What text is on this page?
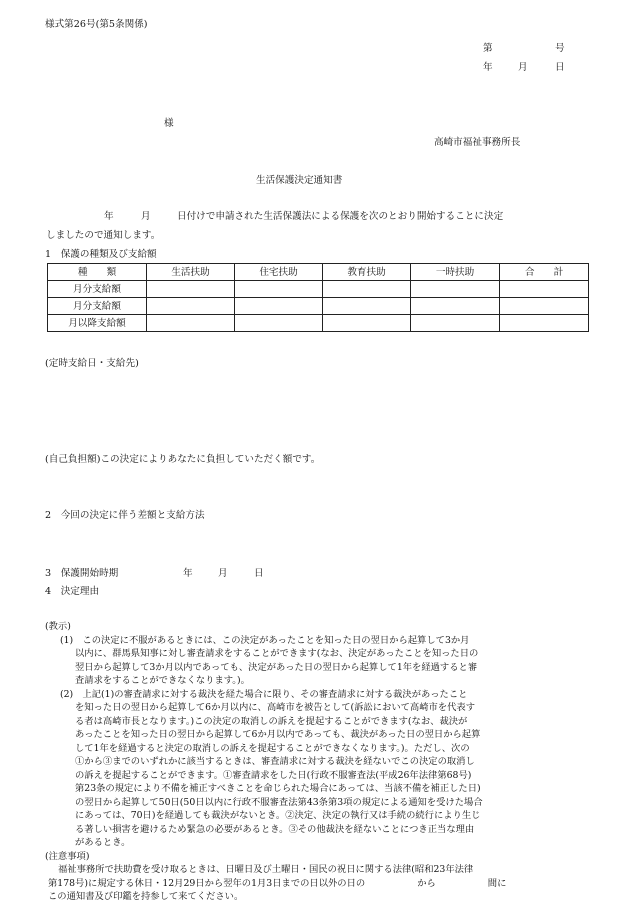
様式第26号(第5条関係)
第	号
年	月	日
様
高崎市福祉事務所長
生活保護決定通知書
年	月	日付けで申請された生活保護法による保護を次のとおり開始することに決定
しましたので通知します。
1　保護の種類及び支給額
種　　類	生活扶助	住宅扶助	教育扶助	一時扶助	合　　計
月分支給額					
月分支給額					
月以降支給額					
(定時支給日・支給先)
(自己負担額)この決定によりあなたに負担していただく額です。
2　今回の決定に伴う差額と支給方法
3　保護開始時期	年	月	日
4　決定理由
(教示)
(1)　この決定に不服があるときには、この決定があったことを知った日の翌日から起算して3か月
以内に、群馬県知事に対し審査請求をすることができます(なお、決定があったことを知った日の
翌日から起算して3か月以内であっても、決定があった日の翌日から起算して1年を経過すると審
査請求をすることができなくなります。)。
(2)　上記(1)の審査請求に対する裁決を経た場合に限り、その審査請求に対する裁決があったこと
を知った日の翌日から起算して6か月以内に、高崎市を被告として(訴訟において高崎市を代表す
る者は高崎市長となります。)この決定の取消しの訴えを提起することができます(なお、裁決が
あったことを知った日の翌日から起算して6か月以内であっても、裁決があった日の翌日から起算
して1年を経過すると決定の取消しの訴えを提起することができなくなります。)。ただし、次の
①から③までのいずれかに該当するときは、審査請求に対する裁決を経ないでこの決定の取消し
の訴えを提起することができます。①審査請求をした日(行政不服審査法(平成26年法律第68号)
第23条の規定により不備を補正すべきことを命じられた場合にあっては、当該不備を補正した日)
の翌日から起算して50日(50日以内に行政不服審査法第43条第3項の規定による通知を受けた場合
にあっては、70日)を経過しても裁決がないとき。②決定、決定の執行又は手続の続行により生じ
る著しい損害を避けるため緊急の必要があるとき。③その他裁決を経ないことにつき正当な理由
があるとき。
(注意事項)
福祉事務所で扶助費を受け取るときは、日曜日及び土曜日・国民の祝日に関する法律(昭和23年法律
第178号)に規定する休日・12月29日から翌年の1月3日までの日以外の日の	から	間に
この通知書及び印鑑を持参して来てください。
